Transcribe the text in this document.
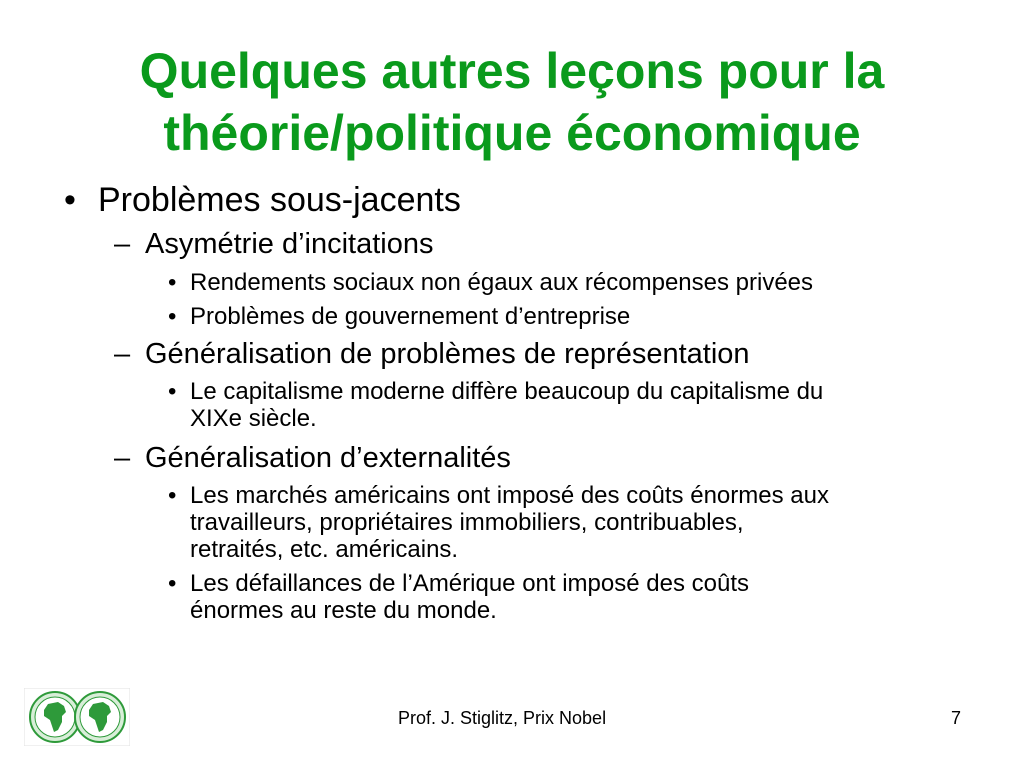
Quelques autres leçons pour la
théorie/politique économique
• Problèmes sous-jacents
– Asymétrie d’incitations
• Rendements sociaux non égaux aux récompenses privées
• Problèmes de gouvernement d’entreprise
– Généralisation de problèmes de représentation
• Le capitalisme moderne diffère beaucoup du capitalisme du
XIXe siècle.
– Généralisation d’externalités
• Les marchés américains ont imposé des coûts énormes aux
travailleurs, propriétaires immobiliers, contribuables,
retraités, etc. américains.
• Les défaillances de l’Amérique ont imposé des coûts
énormes au reste du monde.
Prof. J. Stiglitz, Prix Nobel	7
